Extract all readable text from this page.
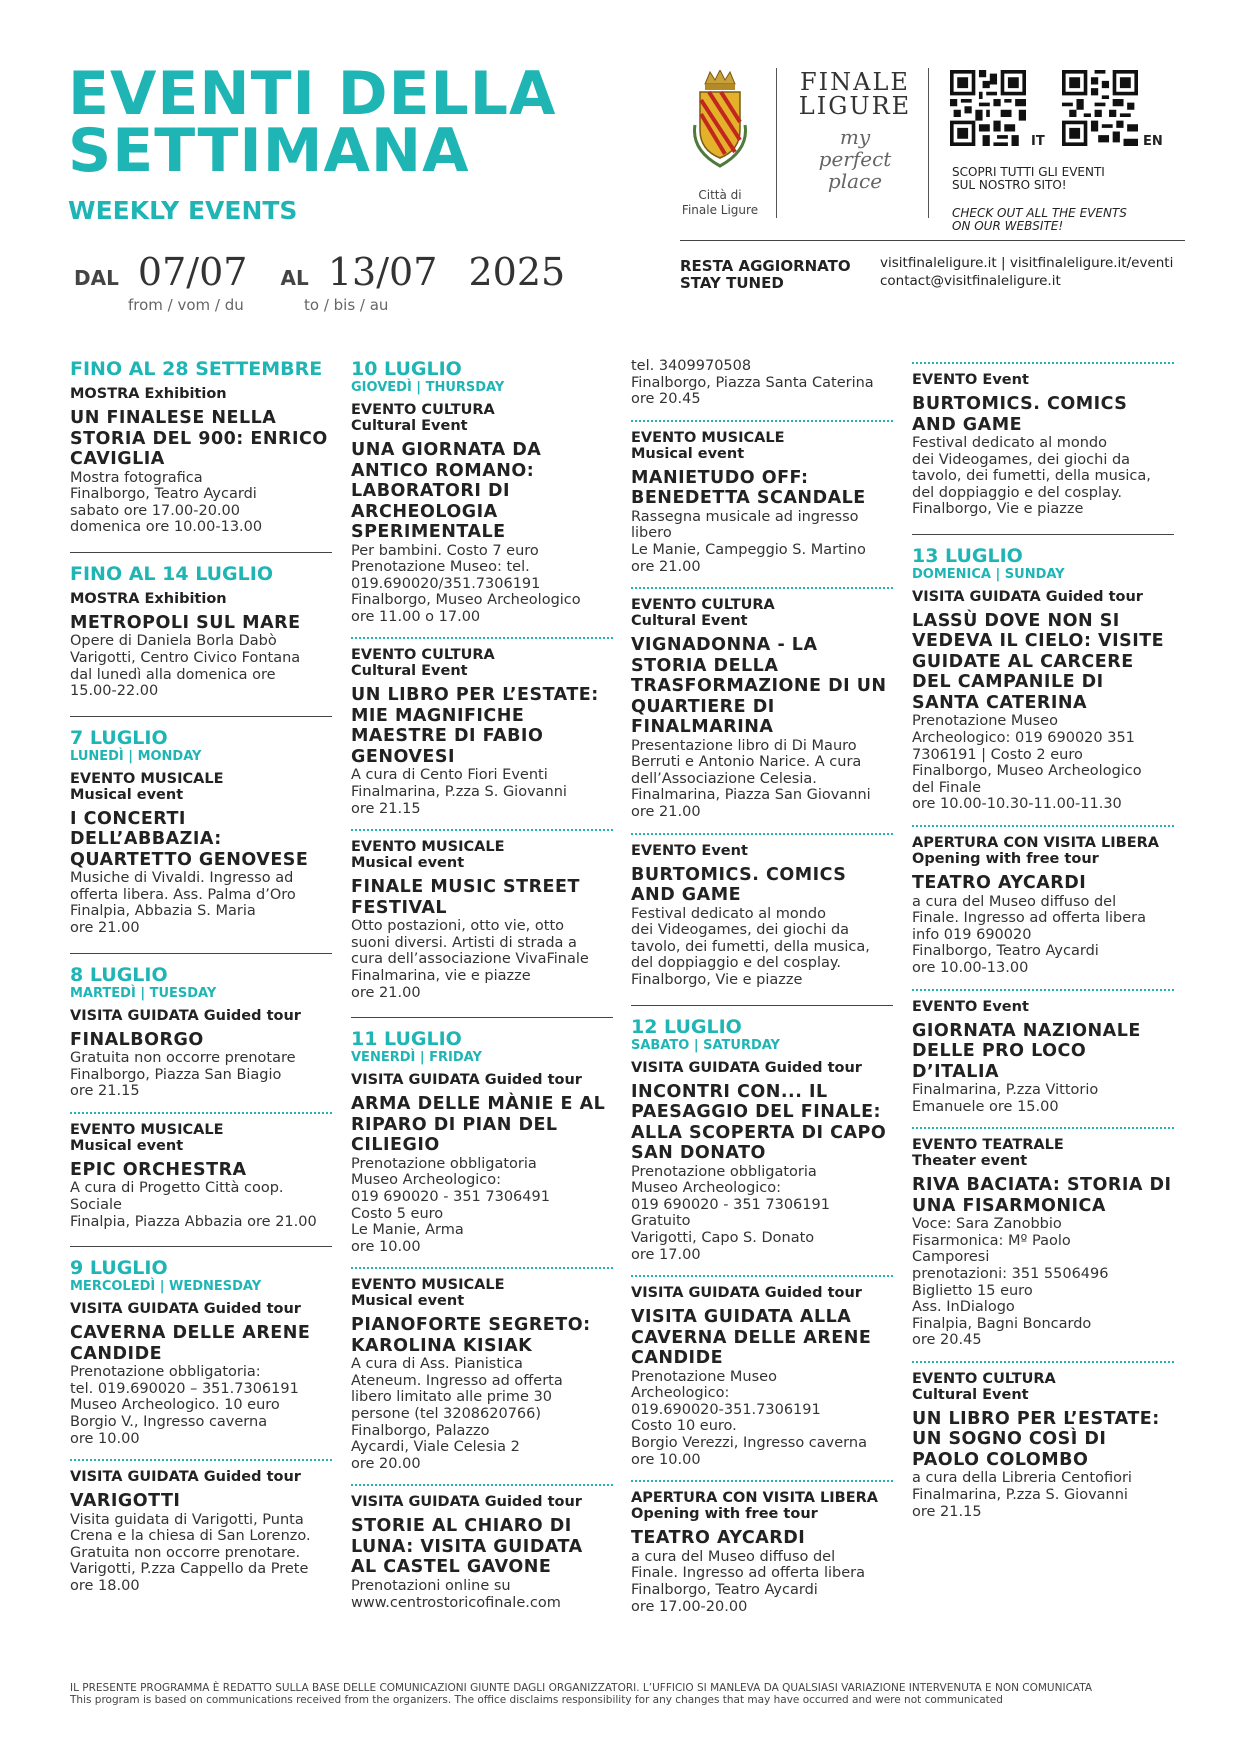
EVENTI DELLA
SETTIMANA
WEEKLY EVENTS
DAL 07/07 AL 13/07 2025
from / vom / du	to / bis / au
Città di
Finale Ligure
FINALE
LIGURE
my
perfect
place
IT	EN
SCOPRI TUTTI GLI EVENTI
SUL NOSTRO SITO!
CHECK OUT ALL THE EVENTS
ON OUR WEBSITE!
RESTA AGGIORNATO
STAY TUNED
visitfinaleligure.it | visitfinaleligure.it/eventi
contact@visitfinaleligure.it
FINO AL 28 SETTEMBRE
MOSTRA Exhibition
UN FINALESE NELLA STORIA DEL 900: ENRICO CAVIGLIA
Mostra fotografica
Finalborgo, Teatro Aycardi
sabato ore 17.00-20.00
domenica ore 10.00-13.00
FINO AL 14 LUGLIO
MOSTRA Exhibition
METROPOLI SUL MARE
Opere di Daniela Borla Dabò
Varigotti, Centro Civico Fontana
dal lunedì alla domenica ore
15.00-22.00
7 LUGLIO
LUNEDÌ | MONDAY
EVENTO MUSICALE
Musical event
I CONCERTI DELL’ABBAZIA: QUARTETTO GENOVESE
Musiche di Vivaldi. Ingresso ad
offerta libera. Ass. Palma d’Oro
Finalpia, Abbazia S. Maria
ore 21.00
8 LUGLIO
MARTEDÌ | TUESDAY
VISITA GUIDATA Guided tour
FINALBORGO
Gratuita non occorre prenotare
Finalborgo, Piazza San Biagio
ore 21.15
EVENTO MUSICALE
Musical event
EPIC ORCHESTRA
A cura di Progetto Città coop.
Sociale
Finalpia, Piazza Abbazia ore 21.00
9 LUGLIO
MERCOLEDÌ | WEDNESDAY
VISITA GUIDATA Guided tour
CAVERNA DELLE ARENE CANDIDE
Prenotazione obbligatoria:
tel. 019.690020 – 351.7306191
Museo Archeologico. 10 euro
Borgio V., Ingresso caverna
ore 10.00
VISITA GUIDATA Guided tour
VARIGOTTI
Visita guidata di Varigotti, Punta
Crena e la chiesa di San Lorenzo.
Gratuita non occorre prenotare.
Varigotti, P.zza Cappello da Prete
ore 18.00
10 LUGLIO
GIOVEDÌ | THURSDAY
EVENTO CULTURA
Cultural Event
UNA GIORNATA DA ANTICO ROMANO: LABORATORI DI ARCHEOLOGIA SPERIMENTALE
Per bambini. Costo 7 euro
Prenotazione Museo: tel.
019.690020/351.7306191
Finalborgo, Museo Archeologico
ore 11.00 o 17.00
EVENTO CULTURA
Cultural Event
UN LIBRO PER L’ESTATE: MIE MAGNIFICHE MAESTRE DI FABIO GENOVESI
A cura di Cento Fiori Eventi
Finalmarina, P.zza S. Giovanni
ore 21.15
EVENTO MUSICALE
Musical event
FINALE MUSIC STREET FESTIVAL
Otto postazioni, otto vie, otto
suoni diversi. Artisti di strada a
cura dell’associazione VivaFinale
Finalmarina, vie e piazze
ore 21.00
11 LUGLIO
VENERDÌ | FRIDAY
VISITA GUIDATA Guided tour
ARMA DELLE MÀNIE E AL RIPARO DI PIAN DEL CILIEGIO
Prenotazione obbligatoria
Museo Archeologico:
019 690020 - 351 7306491
Costo 5 euro
Le Manie, Arma
ore 10.00
EVENTO MUSICALE
Musical event
PIANOFORTE SEGRETO: KAROLINA KISIAK
A cura di Ass. Pianistica
Ateneum. Ingresso ad offerta
libero limitato alle prime 30
persone (tel 3208620766)
Finalborgo, Palazzo
Aycardi, Viale Celesia 2
ore 20.00
VISITA GUIDATA Guided tour
STORIE AL CHIARO DI LUNA: VISITA GUIDATA AL CASTEL GAVONE
Prenotazioni online su
www.centrostoricofinale.com
tel. 3409970508
Finalborgo, Piazza Santa Caterina
ore 20.45
EVENTO MUSICALE
Musical event
MANIETUDO OFF: BENEDETTA SCANDALE
Rassegna musicale ad ingresso
libero
Le Manie, Campeggio S. Martino
ore 21.00
EVENTO CULTURA
Cultural Event
VIGNADONNA - LA STORIA DELLA TRASFORMAZIONE DI UN QUARTIERE DI FINALMARINA
Presentazione libro di Di Mauro
Berruti e Antonio Narice. A cura
dell’Associazione Celesia.
Finalmarina, Piazza San Giovanni
ore 21.00
EVENTO Event
BURTOMICS. COMICS AND GAME
Festival dedicato al mondo
dei Videogames, dei giochi da
tavolo, dei fumetti, della musica,
del doppiaggio e del cosplay.
Finalborgo, Vie e piazze
12 LUGLIO
SABATO | SATURDAY
VISITA GUIDATA Guided tour
INCONTRI CON... IL PAESAGGIO DEL FINALE: ALLA SCOPERTA DI CAPO SAN DONATO
Prenotazione obbligatoria
Museo Archeologico:
019 690020 - 351 7306191
Gratuito
Varigotti, Capo S. Donato
ore 17.00
VISITA GUIDATA Guided tour
VISITA GUIDATA ALLA CAVERNA DELLE ARENE CANDIDE
Prenotazione Museo
Archeologico:
019.690020-351.7306191
Costo 10 euro.
Borgio Verezzi, Ingresso caverna
ore 10.00
APERTURA CON VISITA LIBERA
Opening with free tour
TEATRO AYCARDI
a cura del Museo diffuso del
Finale. Ingresso ad offerta libera
Finalborgo, Teatro Aycardi
ore 17.00-20.00
EVENTO Event
BURTOMICS. COMICS AND GAME
Festival dedicato al mondo
dei Videogames, dei giochi da
tavolo, dei fumetti, della musica,
del doppiaggio e del cosplay.
Finalborgo, Vie e piazze
13 LUGLIO
DOMENICA | SUNDAY
VISITA GUIDATA Guided tour
LASSÙ DOVE NON SI VEDEVA IL CIELO: VISITE GUIDATE AL CARCERE DEL CAMPANILE DI SANTA CATERINA
Prenotazione Museo
Archeologico: 019 690020 351
7306191 | Costo 2 euro
Finalborgo, Museo Archeologico
del Finale
ore 10.00-10.30-11.00-11.30
APERTURA CON VISITA LIBERA
Opening with free tour
TEATRO AYCARDI
a cura del Museo diffuso del
Finale. Ingresso ad offerta libera
info 019 690020
Finalborgo, Teatro Aycardi
ore 10.00-13.00
EVENTO Event
GIORNATA NAZIONALE DELLE PRO LOCO D’ITALIA
Finalmarina, P.zza Vittorio
Emanuele ore 15.00
EVENTO TEATRALE
Theater event
RIVA BACIATA: STORIA DI UNA FISARMONICA
Voce: Sara Zanobbio
Fisarmonica: Mº Paolo
Camporesi
prenotazioni: 351 5506496
Biglietto 15 euro
Ass. InDialogo
Finalpia, Bagni Boncardo
ore 20.45
EVENTO CULTURA
Cultural Event
UN LIBRO PER L’ESTATE: UN SOGNO COSÌ DI PAOLO COLOMBO
a cura della Libreria Centofiori
Finalmarina, P.zza S. Giovanni
ore 21.15
IL PRESENTE PROGRAMMA È REDATTO SULLA BASE DELLE COMUNICAZIONI GIUNTE DAGLI ORGANIZZATORI. L’UFFICIO SI MANLEVA DA QUALSIASI VARIAZIONE INTERVENUTA E NON COMUNICATA
This program is based on communications received from the organizers. The office disclaims responsibility for any changes that may have occurred and were not communicated
